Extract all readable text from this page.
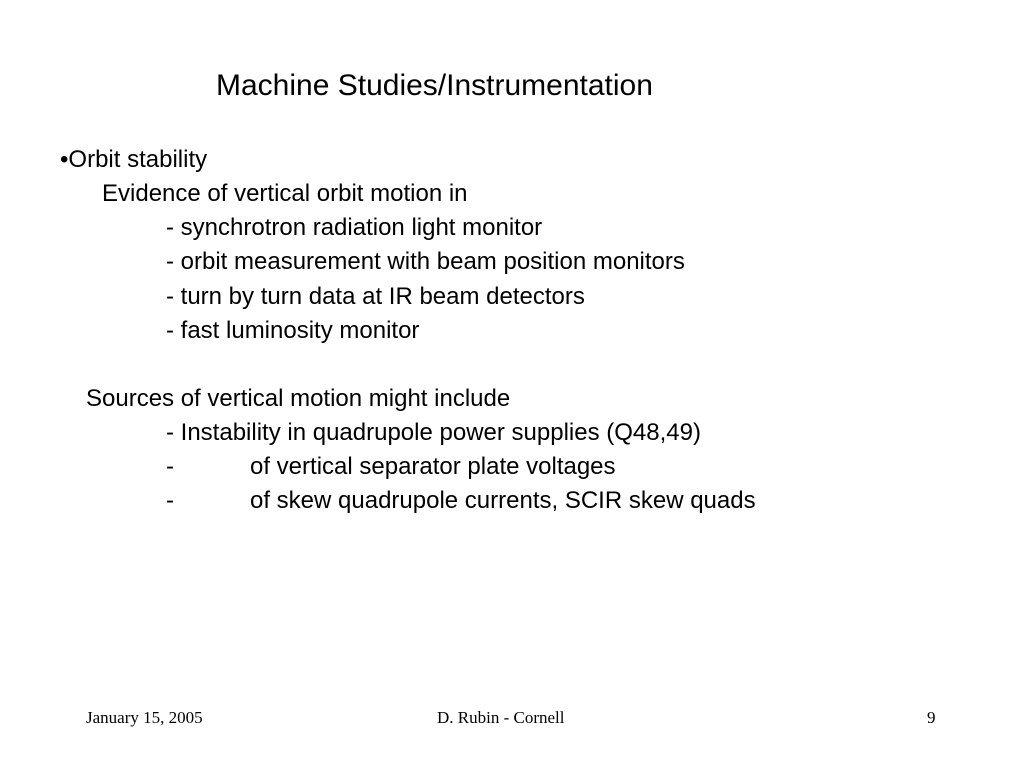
Machine Studies/Instrumentation
•Orbit stability
Evidence of vertical orbit motion in
- synchrotron radiation light monitor
- orbit measurement with beam position monitors
- turn by turn data at IR beam detectors
- fast luminosity monitor
Sources of vertical motion might include
- Instability in quadrupole power supplies (Q48,49)
-	of vertical separator plate voltages
-	of skew quadrupole currents, SCIR skew quads
January 15, 2005	D. Rubin - Cornell	9
